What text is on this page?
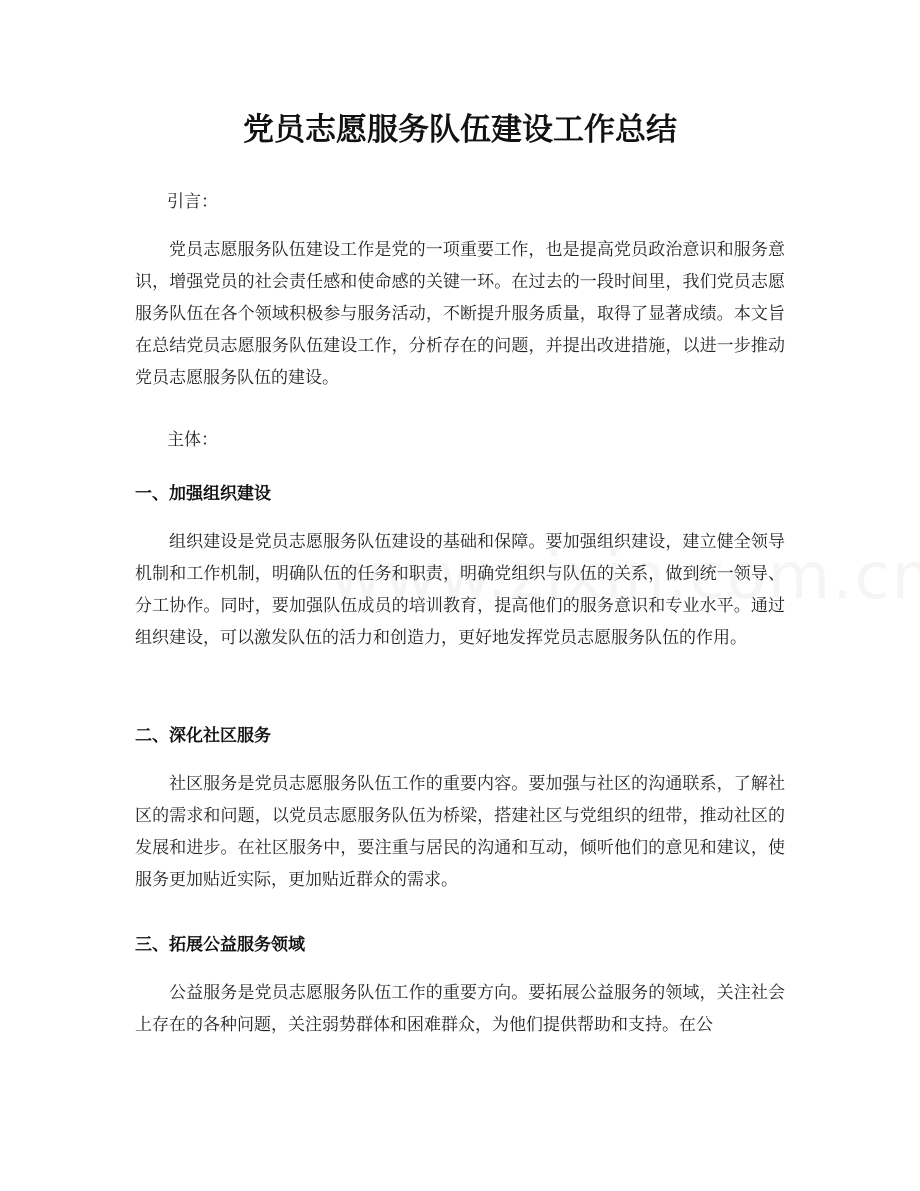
党员志愿服务队伍建设工作总结

引言：

党员志愿服务队伍建设工作是党的一项重要工作，也是提高党员政治意识和服务意识，增强党员的社会责任感和使命感的关键一环。在过去的一段时间里，我们党员志愿服务队伍在各个领域积极参与服务活动，不断提升服务质量，取得了显著成绩。本文旨在总结党员志愿服务队伍建设工作，分析存在的问题，并提出改进措施，以进一步推动党员志愿服务队伍的建设。

主体：

一、加强组织建设

组织建设是党员志愿服务队伍建设的基础和保障。要加强组织建设，建立健全领导机制和工作机制，明确队伍的任务和职责，明确党组织与队伍的关系，做到统一领导、分工协作。同时，要加强队伍成员的培训教育，提高他们的服务意识和专业水平。通过组织建设，可以激发队伍的活力和创造力，更好地发挥党员志愿服务队伍的作用。

二、深化社区服务

社区服务是党员志愿服务队伍工作的重要内容。要加强与社区的沟通联系，了解社区的需求和问题，以党员志愿服务队伍为桥梁，搭建社区与党组织的纽带，推动社区的发展和进步。在社区服务中，要注重与居民的沟通和互动，倾听他们的意见和建议，使服务更加贴近实际，更加贴近群众的需求。

三、拓展公益服务领域

公益服务是党员志愿服务队伍工作的重要方向。要拓展公益服务的领域，关注社会上存在的各种问题，关注弱势群体和困难群众，为他们提供帮助和支持。在公
